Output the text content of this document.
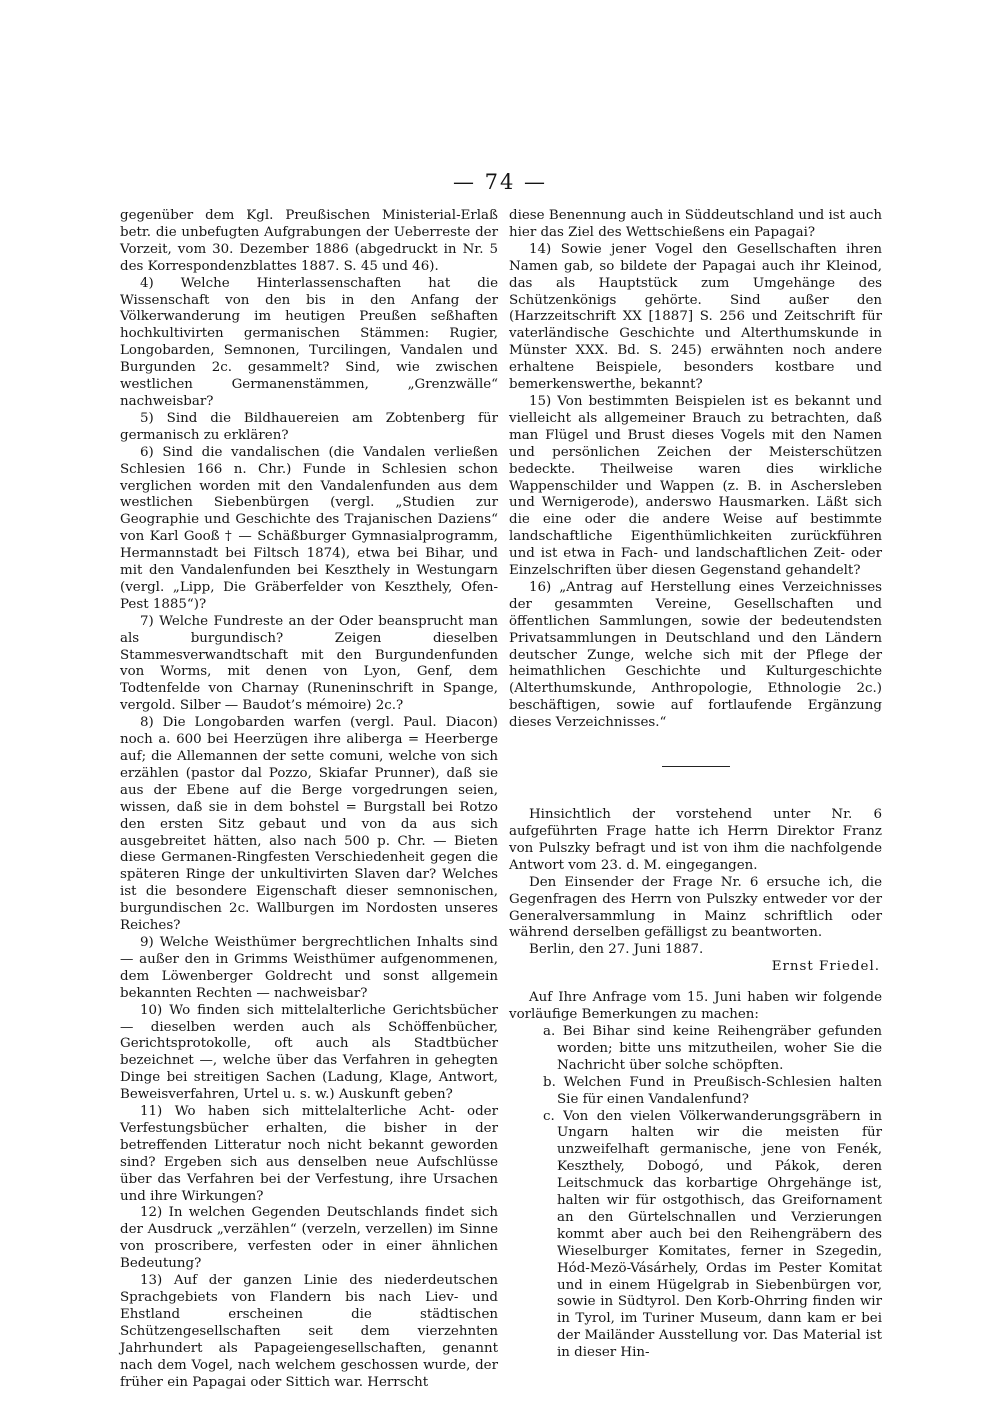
— 74 —

gegenüber dem Kgl. Preußischen Ministerial-Erlaß betr. die unbefugten Aufgrabungen der Ueberreste der Vorzeit, vom 30. Dezember 1886 (abgedruckt in Nr. 5 des Korrespondenzblattes 1887. S. 45 und 46).

4) Welche Hinterlassenschaften hat die Wissenschaft von den bis in den Anfang der Völkerwanderung im heutigen Preußen seßhaften hochkultivirten germanischen Stämmen: Rugier, Longobarden, Semnonen, Turcilingen, Vandalen und Burgunden 2c. gesammelt? Sind, wie zwischen westlichen Germanenstämmen, „Grenzwälle“ nachweisbar?

5) Sind die Bildhauereien am Zobtenberg für germanisch zu erklären?

6) Sind die vandalischen (die Vandalen verließen Schlesien 166 n. Chr.) Funde in Schlesien schon verglichen worden mit den Vandalenfunden aus dem westlichen Siebenbürgen (vergl. „Studien zur Geographie und Geschichte des Trajanischen Daziens“ von Karl Gooß † — Schäßburger Gymnasialprogramm, Hermannstadt bei Filtsch 1874), etwa bei Bihar, und mit den Vandalenfunden bei Keszthely in Westungarn (vergl. „Lipp, Die Gräberfelder von Keszthely, Ofen-Pest 1885“)?

7) Welche Fundreste an der Oder beansprucht man als burgundisch? Zeigen dieselben Stammesverwandtschaft mit den Burgundenfunden von Worms, mit denen von Lyon, Genf, dem Todtenfelde von Charnay (Runeninschrift in Spange, vergold. Silber — Baudot’s mémoire) 2c.?

8) Die Longobarden warfen (vergl. Paul. Diacon) noch a. 600 bei Heerzügen ihre aliberga = Heerberge auf; die Allemannen der sette comuni, welche von sich erzählen (pastor dal Pozzo, Skiafar Prunner), daß sie aus der Ebene auf die Berge vorgedrungen seien, wissen, daß sie in dem bohstel = Burgstall bei Rotzo den ersten Sitz gebaut und von da aus sich ausgebreitet hätten, also nach 500 p. Chr. — Bieten diese Germanen-Ringfesten Verschiedenheit gegen die späteren Ringe der unkultivirten Slaven dar? Welches ist die besondere Eigenschaft dieser semnonischen, burgundischen 2c. Wallburgen im Nordosten unseres Reiches?

9) Welche Weisthümer bergrechtlichen Inhalts sind — außer den in Grimms Weisthümer aufgenommenen, dem Löwenberger Goldrecht und sonst allgemein bekannten Rechten — nachweisbar?

10) Wo finden sich mittelalterliche Gerichtsbücher — dieselben werden auch als Schöffenbücher, Gerichtsprotokolle, oft auch als Stadtbücher bezeichnet —, welche über das Verfahren in gehegten Dinge bei streitigen Sachen (Ladung, Klage, Antwort, Beweisverfahren, Urtel u. s. w.) Auskunft geben?

11) Wo haben sich mittelalterliche Acht- oder Verfestungsbücher erhalten, die bisher in der betreffenden Litteratur noch nicht bekannt geworden sind? Ergeben sich aus denselben neue Aufschlüsse über das Verfahren bei der Verfestung, ihre Ursachen und ihre Wirkungen?

12) In welchen Gegenden Deutschlands findet sich der Ausdruck „verzählen“ (verzeln, verzellen) im Sinne von proscribere, verfesten oder in einer ähnlichen Bedeutung?

13) Auf der ganzen Linie des niederdeutschen Sprachgebiets von Flandern bis nach Liev- und Ehstland erscheinen die städtischen Schützengesellschaften seit dem vierzehnten Jahrhundert als Papageiengesellschaften, genannt nach dem Vogel, nach welchem geschossen wurde, der früher ein Papagai oder Sittich war. Herrscht

diese Benennung auch in Süddeutschland und ist auch hier das Ziel des Wettschießens ein Papagai?

14) Sowie jener Vogel den Gesellschaften ihren Namen gab, so bildete der Papagai auch ihr Kleinod, das als Hauptstück zum Umgehänge des Schützenkönigs gehörte. Sind außer den (Harzzeitschrift XX [1887] S. 256 und Zeitschrift für vaterländische Geschichte und Alterthumskunde in Münster XXX. Bd. S. 245) erwähnten noch andere erhaltene Beispiele, besonders kostbare und bemerkenswerthe, bekannt?

15) Von bestimmten Beispielen ist es bekannt und vielleicht als allgemeiner Brauch zu betrachten, daß man Flügel und Brust dieses Vogels mit den Namen und persönlichen Zeichen der Meisterschützen bedeckte. Theilweise waren dies wirkliche Wappenschilder und Wappen (z. B. in Aschersleben und Wernigerode), anderswo Hausmarken. Läßt sich die eine oder die andere Weise auf bestimmte landschaftliche Eigenthümlichkeiten zurückführen und ist etwa in Fach- und landschaftlichen Zeit- oder Einzelschriften über diesen Gegenstand gehandelt?

16) „Antrag auf Herstellung eines Verzeichnisses der gesammten Vereine, Gesellschaften und öffentlichen Sammlungen, sowie der bedeutendsten Privatsammlungen in Deutschland und den Ländern deutscher Zunge, welche sich mit der Pflege der heimathlichen Geschichte und Kulturgeschichte (Alterthumskunde, Anthropologie, Ethnologie 2c.) beschäftigen, sowie auf fortlaufende Ergänzung dieses Verzeichnisses.“

Hinsichtlich der vorstehend unter Nr. 6 aufgeführten Frage hatte ich Herrn Direktor Franz von Pulszky befragt und ist von ihm die nachfolgende Antwort vom 23. d. M. eingegangen.

Den Einsender der Frage Nr. 6 ersuche ich, die Gegenfragen des Herrn von Pulszky entweder vor der Generalversammlung in Mainz schriftlich oder während derselben gefälligst zu beantworten.

Berlin, den 27. Juni 1887.

Ernst Friedel.

Auf Ihre Anfrage vom 15. Juni haben wir folgende vorläufige Bemerkungen zu machen:

a. Bei Bihar sind keine Reihengräber gefunden worden; bitte uns mitzutheilen, woher Sie die Nachricht über solche schöpften.

b. Welchen Fund in Preußisch-Schlesien halten Sie für einen Vandalenfund?

c. Von den vielen Völkerwanderungsgräbern in Ungarn halten wir die meisten für unzweifelhaft germanische, jene von Fenék, Keszthely, Dobogó, und Pákok, deren Leitschmuck das korbartige Ohrgehänge ist, halten wir für ostgothisch, das Greifornament an den Gürtelschnallen und Verzierungen kommt aber auch bei den Reihengräbern des Wieselburger Komitates, ferner in Szegedin, Hód-Mezö-Vásárhely, Ordas im Pester Komitat und in einem Hügelgrab in Siebenbürgen vor, sowie in Südtyrol. Den Korb-Ohrring finden wir in Tyrol, im Turiner Museum, dann kam er bei der Mailänder Ausstellung vor. Das Material ist in dieser Hin-
